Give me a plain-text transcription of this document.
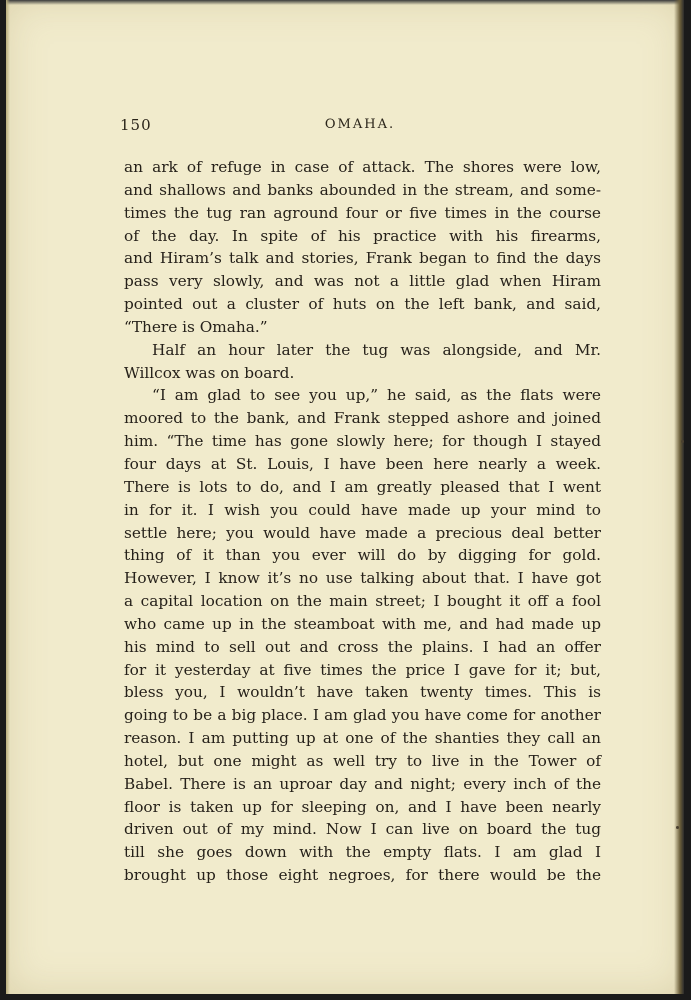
150	OMAHA.
an ark of refuge in case of attack. The shores were low,
and shallows and banks abounded in the stream, and some-
times the tug ran aground four or five times in the course
of the day. In spite of his practice with his firearms,
and Hiram’s talk and stories, Frank began to find the days
pass very slowly, and was not a little glad when Hiram
pointed out a cluster of huts on the left bank, and said,
“There is Omaha.”
Half an hour later the tug was alongside, and Mr.
Willcox was on board.
“I am glad to see you up,” he said, as the flats were
moored to the bank, and Frank stepped ashore and joined
him. “The time has gone slowly here; for though I stayed
four days at St. Louis, I have been here nearly a week.
There is lots to do, and I am greatly pleased that I went
in for it. I wish you could have made up your mind to
settle here; you would have made a precious deal better
thing of it than you ever will do by digging for gold.
However, I know it’s no use talking about that. I have got
a capital location on the main street; I bought it off a fool
who came up in the steamboat with me, and had made up
his mind to sell out and cross the plains. I had an offer
for it yesterday at five times the price I gave for it; but,
bless you, I wouldn’t have taken twenty times. This is
going to be a big place. I am glad you have come for another
reason. I am putting up at one of the shanties they call an
hotel, but one might as well try to live in the Tower of
Babel. There is an uproar day and night; every inch of the
floor is taken up for sleeping on, and I have been nearly
driven out of my mind. Now I can live on board the tug
till she goes down with the empty flats. I am glad I
brought up those eight negroes, for there would be the
